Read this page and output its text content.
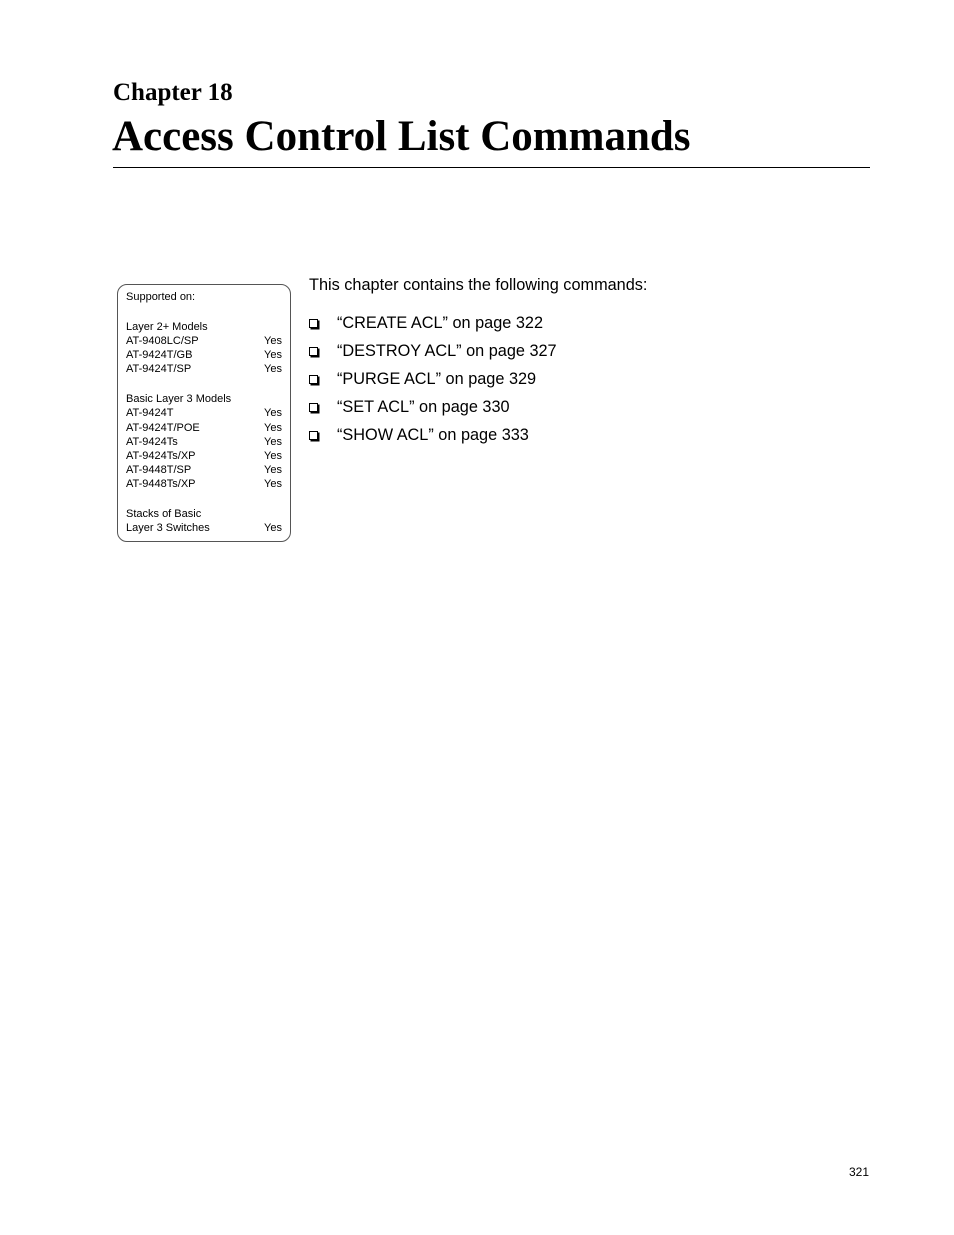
Chapter 18
Access Control List Commands
Supported on:
Layer 2+ Models
AT-9408LC/SP	Yes
AT-9424T/GB	Yes
AT-9424T/SP	Yes
Basic Layer 3 Models
AT-9424T	Yes
AT-9424T/POE	Yes
AT-9424Ts	Yes
AT-9424Ts/XP	Yes
AT-9448T/SP	Yes
AT-9448Ts/XP	Yes
Stacks of Basic
Layer 3 Switches	Yes

This chapter contains the following commands:

“CREATE ACL” on page 322
“DESTROY ACL” on page 327
“PURGE ACL” on page 329
“SET ACL” on page 330
“SHOW ACL” on page 333
321
